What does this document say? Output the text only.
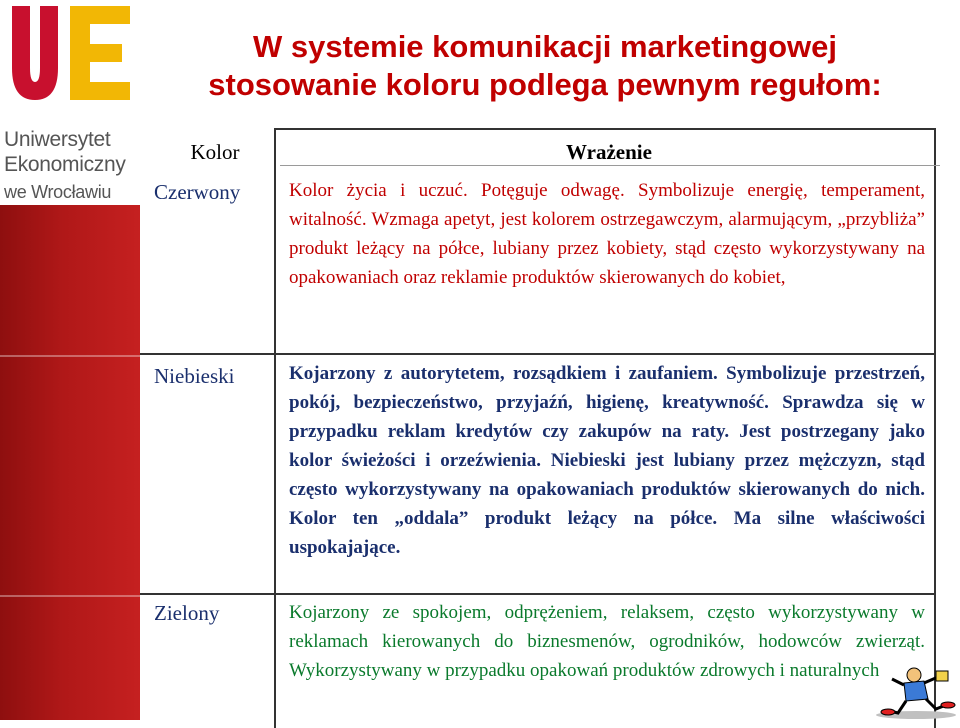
Uniwersytet
Ekonomiczny
we Wrocławiu
W systemie komunikacji marketingowej
stosowanie koloru podlega pewnym regułom:
Kolor	Wrażenie
Czerwony	Kolor życia i uczuć. Potęguje odwagę. Symbolizuje energię, temperament, witalność. Wzmaga apetyt, jest kolorem ostrzegawczym, alarmującym, „przybliża” produkt leżący na półce, lubiany przez kobiety, stąd często wykorzystywany na opakowaniach oraz reklamie produktów skierowanych do kobiet,
Niebieski	Kojarzony z autorytetem, rozsądkiem i zaufaniem. Symbolizuje przestrzeń, pokój, bezpieczeństwo, przyjaźń, higienę, kreatywność. Sprawdza się w przypadku reklam kredytów czy zakupów na raty. Jest postrzegany jako kolor świeżości i orzeźwienia. Niebieski jest lubiany przez mężczyzn, stąd często wykorzystywany na opakowaniach produktów skierowanych do nich. Kolor ten „oddala” produkt leżący na półce. Ma silne właściwości uspokajające.
Zielony	Kojarzony ze spokojem, odprężeniem, relaksem, często wykorzystywany w reklamach kierowanych do biznesmenów, ogrodników, hodowców zwierząt. Wykorzystywany w przypadku opakowań produktów zdrowych i naturalnych
